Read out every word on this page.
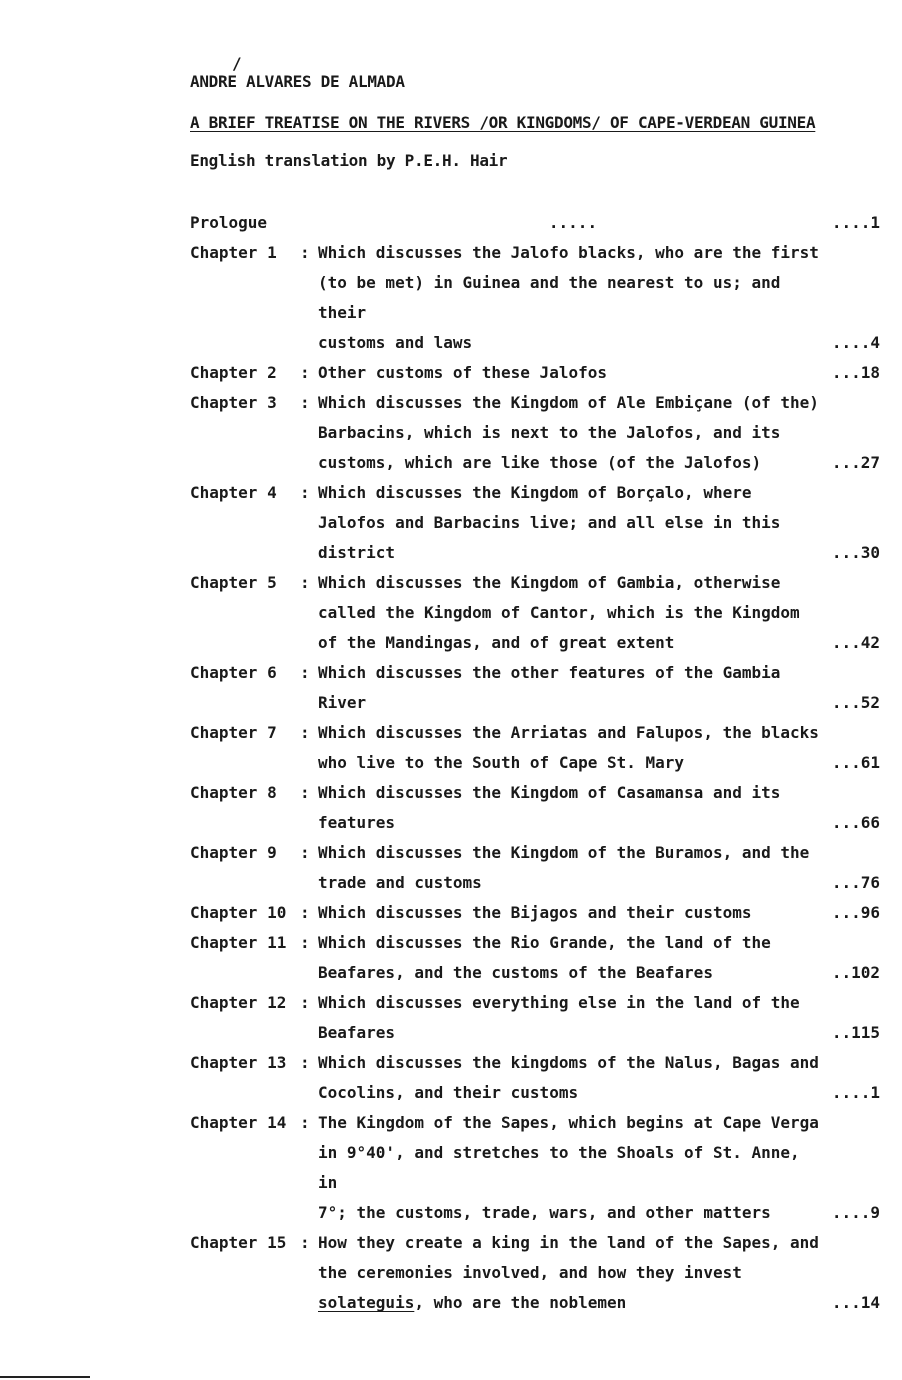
/
ANDRE ALVARES DE ALMADA
A BRIEF TREATISE ON THE RIVERS /OR KINGDOMS/ OF CAPE-VERDEAN GUINEA
English translation by P.E.H. Hair
Prologue	.....	....1
Chapter 1	: Which discusses the Jalofo blacks, who are the first
(to be met) in Guinea and the nearest to us; and their
customs and laws	....4
Chapter 2	: Other customs of these Jalofos	...18
Chapter 3	: Which discusses the Kingdom of Ale Embiçane (of the)
Barbacins, which is next to the Jalofos, and its
customs, which are like those (of the Jalofos)	...27
Chapter 4	: Which discusses the Kingdom of Borçalo, where
Jalofos and Barbacins live; and all else in this
district	...30
Chapter 5	: Which discusses the Kingdom of Gambia, otherwise
called the Kingdom of Cantor, which is the Kingdom
of the Mandingas, and of great extent	...42
Chapter 6	: Which discusses the other features of the Gambia
River	...52
Chapter 7	: Which discusses the Arriatas and Falupos, the blacks
who live to the South of Cape St. Mary	...61
Chapter 8	: Which discusses the Kingdom of Casamansa and its
features	...66
Chapter 9	: Which discusses the Kingdom of the Buramos, and the
trade and customs	...76
Chapter 10 : Which discusses the Bijagos and their customs	...96
Chapter 11 : Which discusses the Rio Grande, the land of the
Beafares, and the customs of the Beafares	..102
Chapter 12 : Which discusses everything else in the land of the
Beafares	..115
Chapter 13 : Which discusses the kingdoms of the Nalus, Bagas and
Cocolins, and their customs	....1
Chapter 14 : The Kingdom of the Sapes, which begins at Cape Verga
in 9°40', and stretches to the Shoals of St. Anne, in
7°; the customs, trade, wars, and other matters	....9
Chapter 15 : How they create a king in the land of the Sapes, and
the ceremonies involved, and how they invest
solateguis, who are the noblemen	...14
